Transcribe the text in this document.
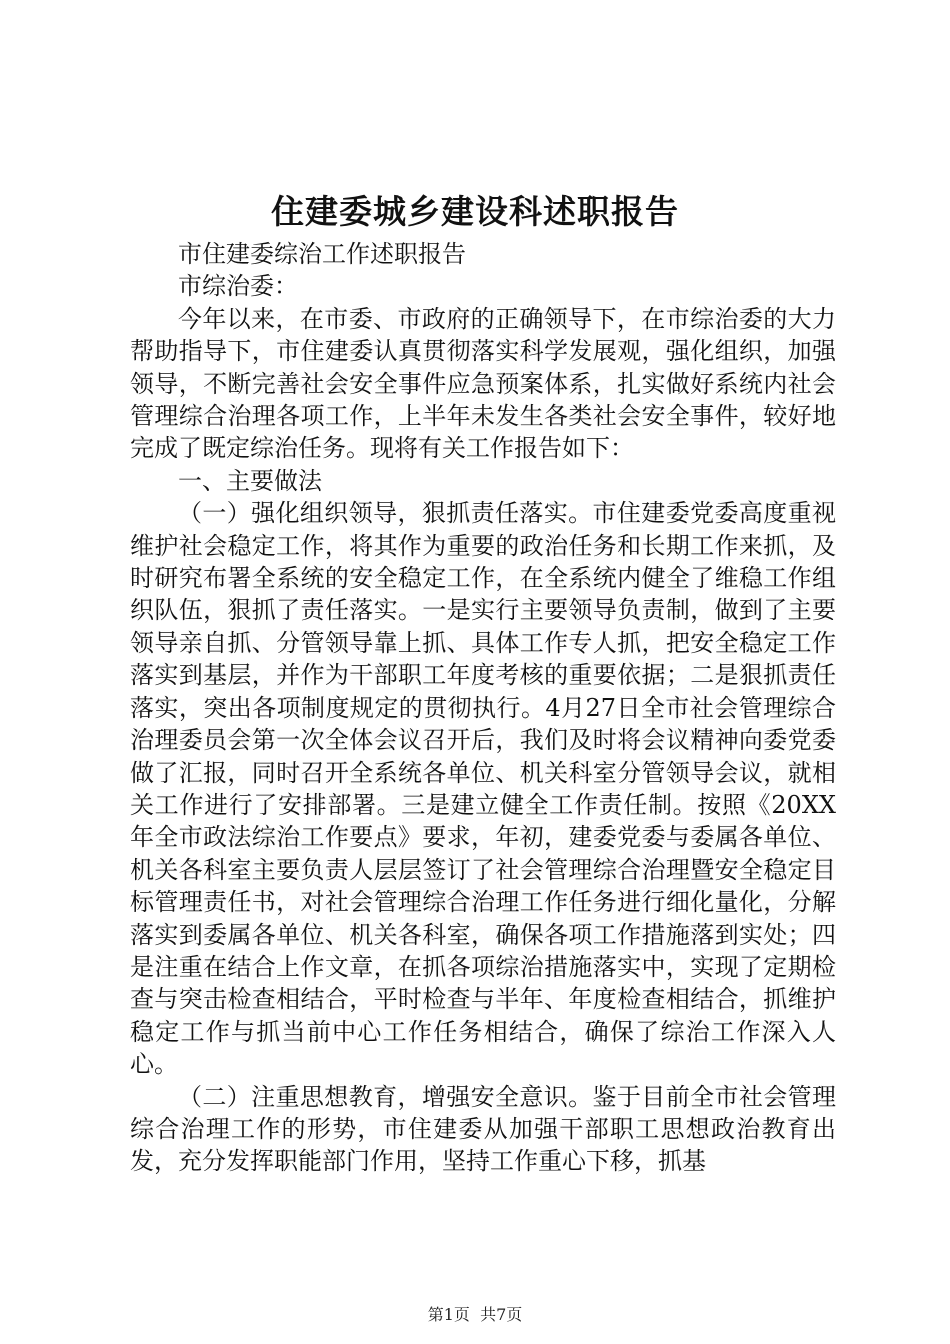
住建委城乡建设科述职报告

市住建委综治工作述职报告

市综治委：

今年以来，在市委、市政府的正确领导下，在市综治委的大力帮助指导下，市住建委认真贯彻落实科学发展观，强化组织，加强领导，不断完善社会安全事件应急预案体系，扎实做好系统内社会管理综合治理各项工作，上半年未发生各类社会安全事件，较好地完成了既定综治任务。现将有关工作报告如下：

一、主要做法

（一）强化组织领导，狠抓责任落实。市住建委党委高度重视维护社会稳定工作，将其作为重要的政治任务和长期工作来抓，及时研究布署全系统的安全稳定工作，在全系统内健全了维稳工作组织队伍，狠抓了责任落实。一是实行主要领导负责制，做到了主要领导亲自抓、分管领导靠上抓、具体工作专人抓，把安全稳定工作落实到基层，并作为干部职工年度考核的重要依据；二是狠抓责任落实，突出各项制度规定的贯彻执行。4月27日全市社会管理综合治理委员会第一次全体会议召开后，我们及时将会议精神向委党委做了汇报，同时召开全系统各单位、机关科室分管领导会议，就相关工作进行了安排部署。三是建立健全工作责任制。按照《20XX年全市政法综治工作要点》要求，年初，建委党委与委属各单位、机关各科室主要负责人层层签订了社会管理综合治理暨安全稳定目标管理责任书，对社会管理综合治理工作任务进行细化量化，分解落实到委属各单位、机关各科室，确保各项工作措施落到实处；四是注重在结合上作文章，在抓各项综治措施落实中，实现了定期检查与突击检查相结合，平时检查与半年、年度检查相结合，抓维护稳定工作与抓当前中心工作任务相结合，确保了综治工作深入人心。

（二）注重思想教育，增强安全意识。鉴于目前全市社会管理综合治理工作的形势，市住建委从加强干部职工思想政治教育出发，充分发挥职能部门作用，坚持工作重心下移，抓基

第1页 共7页
